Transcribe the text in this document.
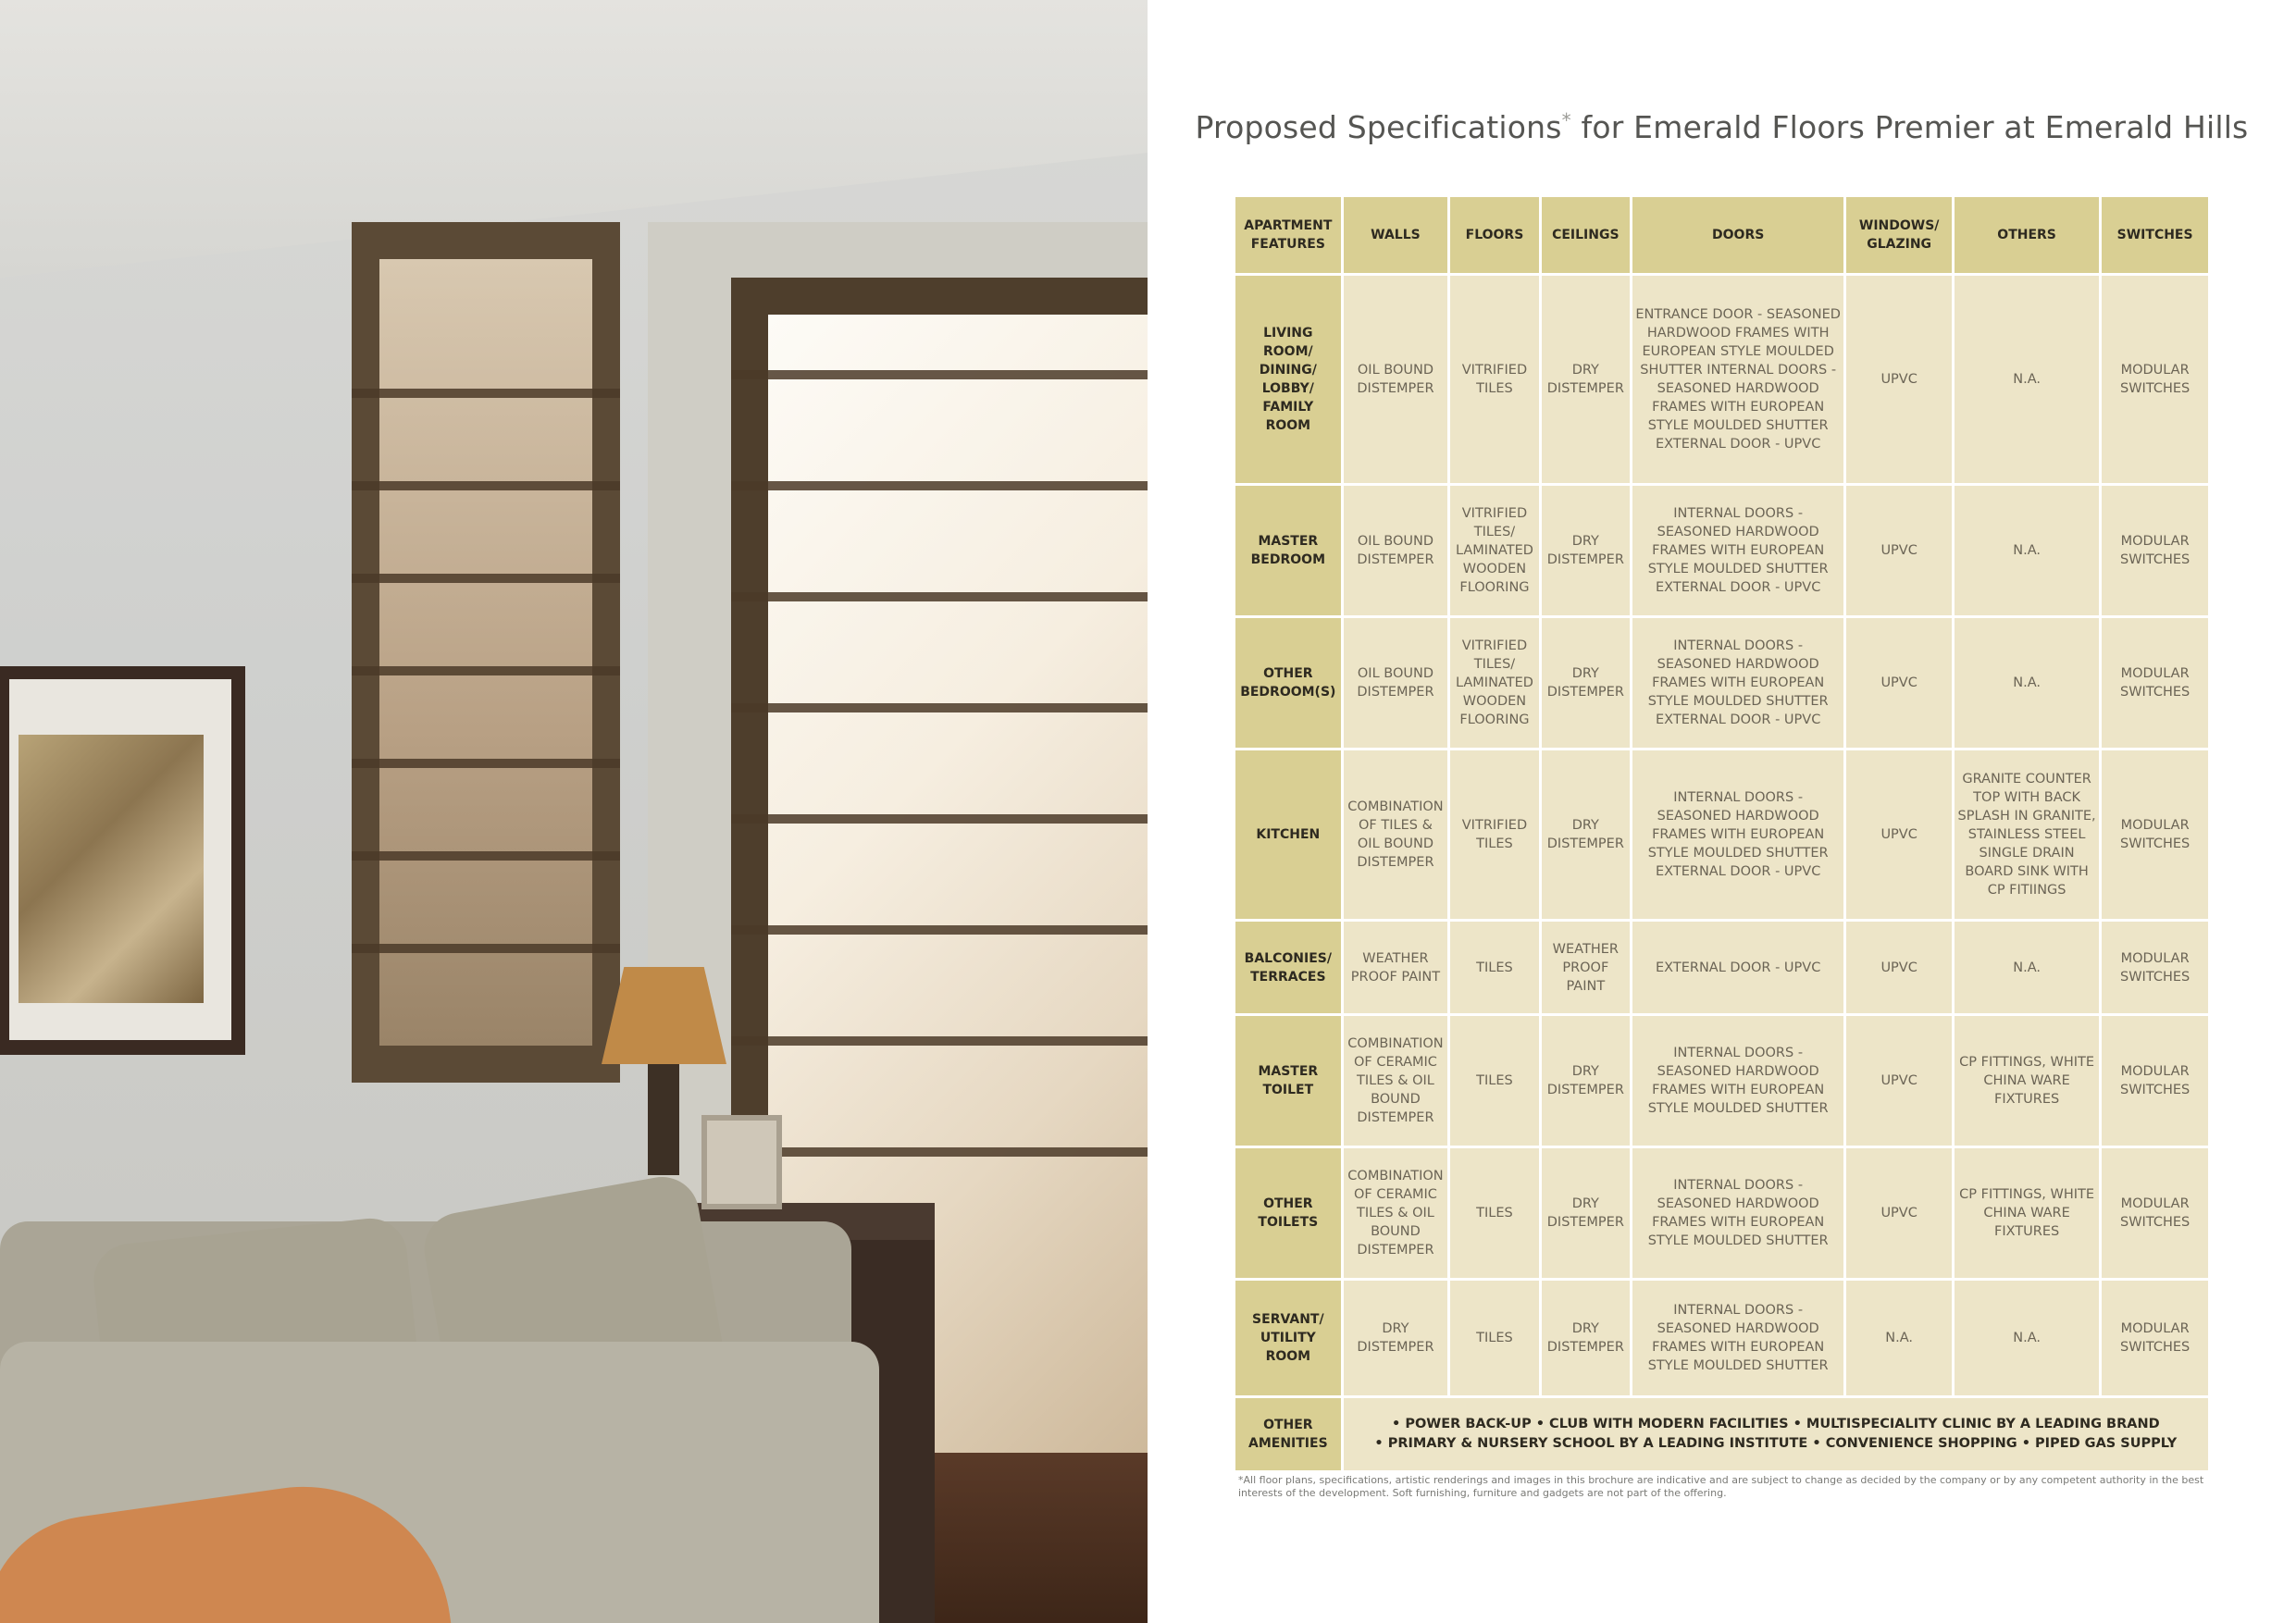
Proposed Specifications* for Emerald Floors Premier at Emerald Hills
APARTMENT FEATURES	WALLS	FLOORS	CEILINGS	DOORS	WINDOWS/ GLAZING	OTHERS	SWITCHES
LIVING ROOM/ DINING/ LOBBY/ FAMILY ROOM	OIL BOUND DISTEMPER	VITRIFIED TILES	DRY DISTEMPER	ENTRANCE DOOR - SEASONED HARDWOOD FRAMES WITH EUROPEAN STYLE MOULDED SHUTTER INTERNAL DOORS - SEASONED HARDWOOD FRAMES WITH EUROPEAN STYLE MOULDED SHUTTER EXTERNAL DOOR - UPVC	UPVC	N.A.	MODULAR SWITCHES
MASTER BEDROOM	OIL BOUND DISTEMPER	VITRIFIED TILES/ LAMINATED WOODEN FLOORING	DRY DISTEMPER	INTERNAL DOORS - SEASONED HARDWOOD FRAMES WITH EUROPEAN STYLE MOULDED SHUTTER EXTERNAL DOOR - UPVC	UPVC	N.A.	MODULAR SWITCHES
OTHER BEDROOM(S)	OIL BOUND DISTEMPER	VITRIFIED TILES/ LAMINATED WOODEN FLOORING	DRY DISTEMPER	INTERNAL DOORS - SEASONED HARDWOOD FRAMES WITH EUROPEAN STYLE MOULDED SHUTTER EXTERNAL DOOR - UPVC	UPVC	N.A.	MODULAR SWITCHES
KITCHEN	COMBINATION OF TILES & OIL BOUND DISTEMPER	VITRIFIED TILES	DRY DISTEMPER	INTERNAL DOORS - SEASONED HARDWOOD FRAMES WITH EUROPEAN STYLE MOULDED SHUTTER EXTERNAL DOOR - UPVC	UPVC	GRANITE COUNTER TOP WITH BACK SPLASH IN GRANITE, STAINLESS STEEL SINGLE DRAIN BOARD SINK WITH CP FITIINGS	MODULAR SWITCHES
BALCONIES/ TERRACES	WEATHER PROOF PAINT	TILES	WEATHER PROOF PAINT	EXTERNAL DOOR - UPVC	UPVC	N.A.	MODULAR SWITCHES
MASTER TOILET	COMBINATION OF CERAMIC TILES & OIL BOUND DISTEMPER	TILES	DRY DISTEMPER	INTERNAL DOORS - SEASONED HARDWOOD FRAMES WITH EUROPEAN STYLE MOULDED SHUTTER	UPVC	CP FITTINGS, WHITE CHINA WARE FIXTURES	MODULAR SWITCHES
OTHER TOILETS	COMBINATION OF CERAMIC TILES & OIL BOUND DISTEMPER	TILES	DRY DISTEMPER	INTERNAL DOORS - SEASONED HARDWOOD FRAMES WITH EUROPEAN STYLE MOULDED SHUTTER	UPVC	CP FITTINGS, WHITE CHINA WARE FIXTURES	MODULAR SWITCHES
SERVANT/ UTILITY ROOM	DRY DISTEMPER	TILES	DRY DISTEMPER	INTERNAL DOORS - SEASONED HARDWOOD FRAMES WITH EUROPEAN STYLE MOULDED SHUTTER	N.A.	N.A.	MODULAR SWITCHES
OTHER AMENITIES	• POWER BACK-UP • CLUB WITH MODERN FACILITIES • MULTISPECIALITY CLINIC BY A LEADING BRAND
• PRIMARY & NURSERY SCHOOL BY A LEADING INSTITUTE • CONVENIENCE SHOPPING • PIPED GAS SUPPLY						
*All floor plans, specifications, artistic renderings and images in this brochure are indicative and are subject to change as decided by the company or by any competent authority in the best interests of the development. Soft furnishing, furniture and gadgets are not part of the offering.
